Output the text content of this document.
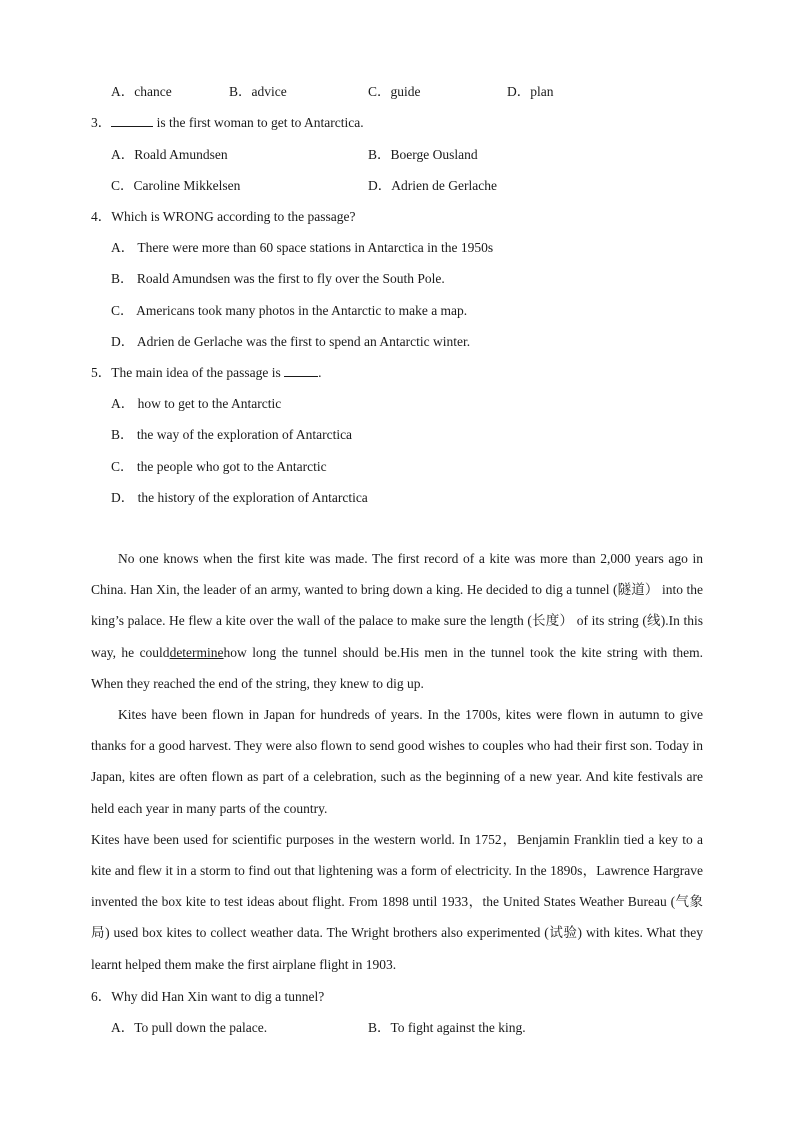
A．chance	B．advice	C．guide	D．plan
3．	is the first woman to get to Antarctica.
A．Roald Amundsen	B．Boerge Ousland
C．Caroline Mikkelsen	D．Adrien de Gerlache
4．Which is WRONG according to the passage?
A． There were more than 60 space stations in Antarctica in the 1950s
B． Roald Amundsen was the first to fly over the South Pole.
C． Americans took many photos in the Antarctic to make a map.
D． Adrien de Gerlache was the first to spend an Antarctic winter.
5．The main idea of the passage is	.
A． how to get to the Antarctic
B． the way of the exploration of Antarctica
C． the people who got to the Antarctic
D． the history of the exploration of Antarctica

No one knows when the first kite was made. The first record of a kite was more than 2,000 years ago in China. Han Xin, the leader of an army, wanted to bring down a king. He decided to dig a tunnel (隧道） into the king’s palace. He flew a kite over the wall of the palace to make sure the length (长度） of its string (线).In this way, he coulddeterminehow long the tunnel should be.His men in the tunnel took the kite string with them. When they reached the end of the string, they knew to dig up.

Kites have been flown in Japan for hundreds of years. In the 1700s, kites were flown in autumn to give thanks for a good harvest. They were also flown to send good wishes to couples who had their first son. Today in Japan, kites are often flown as part of a celebration, such as the beginning of a new year. And kite festivals are held each year in many parts of the country.

Kites have been used for scientific purposes in the western world. In 1752，Benjamin Franklin tied a key to a kite and flew it in a storm to find out that lightening was a form of electricity. In the 1890s，Lawrence Hargrave invented the box kite to test ideas about flight. From 1898 until 1933，the United States Weather Bureau (气象局) used box kites to collect weather data. The Wright brothers also experimented (试验) with kites. What they learnt helped them make the first airplane flight in 1903.

6．Why did Han Xin want to dig a tunnel?
A．To pull down the palace.	B．To fight against the king.
